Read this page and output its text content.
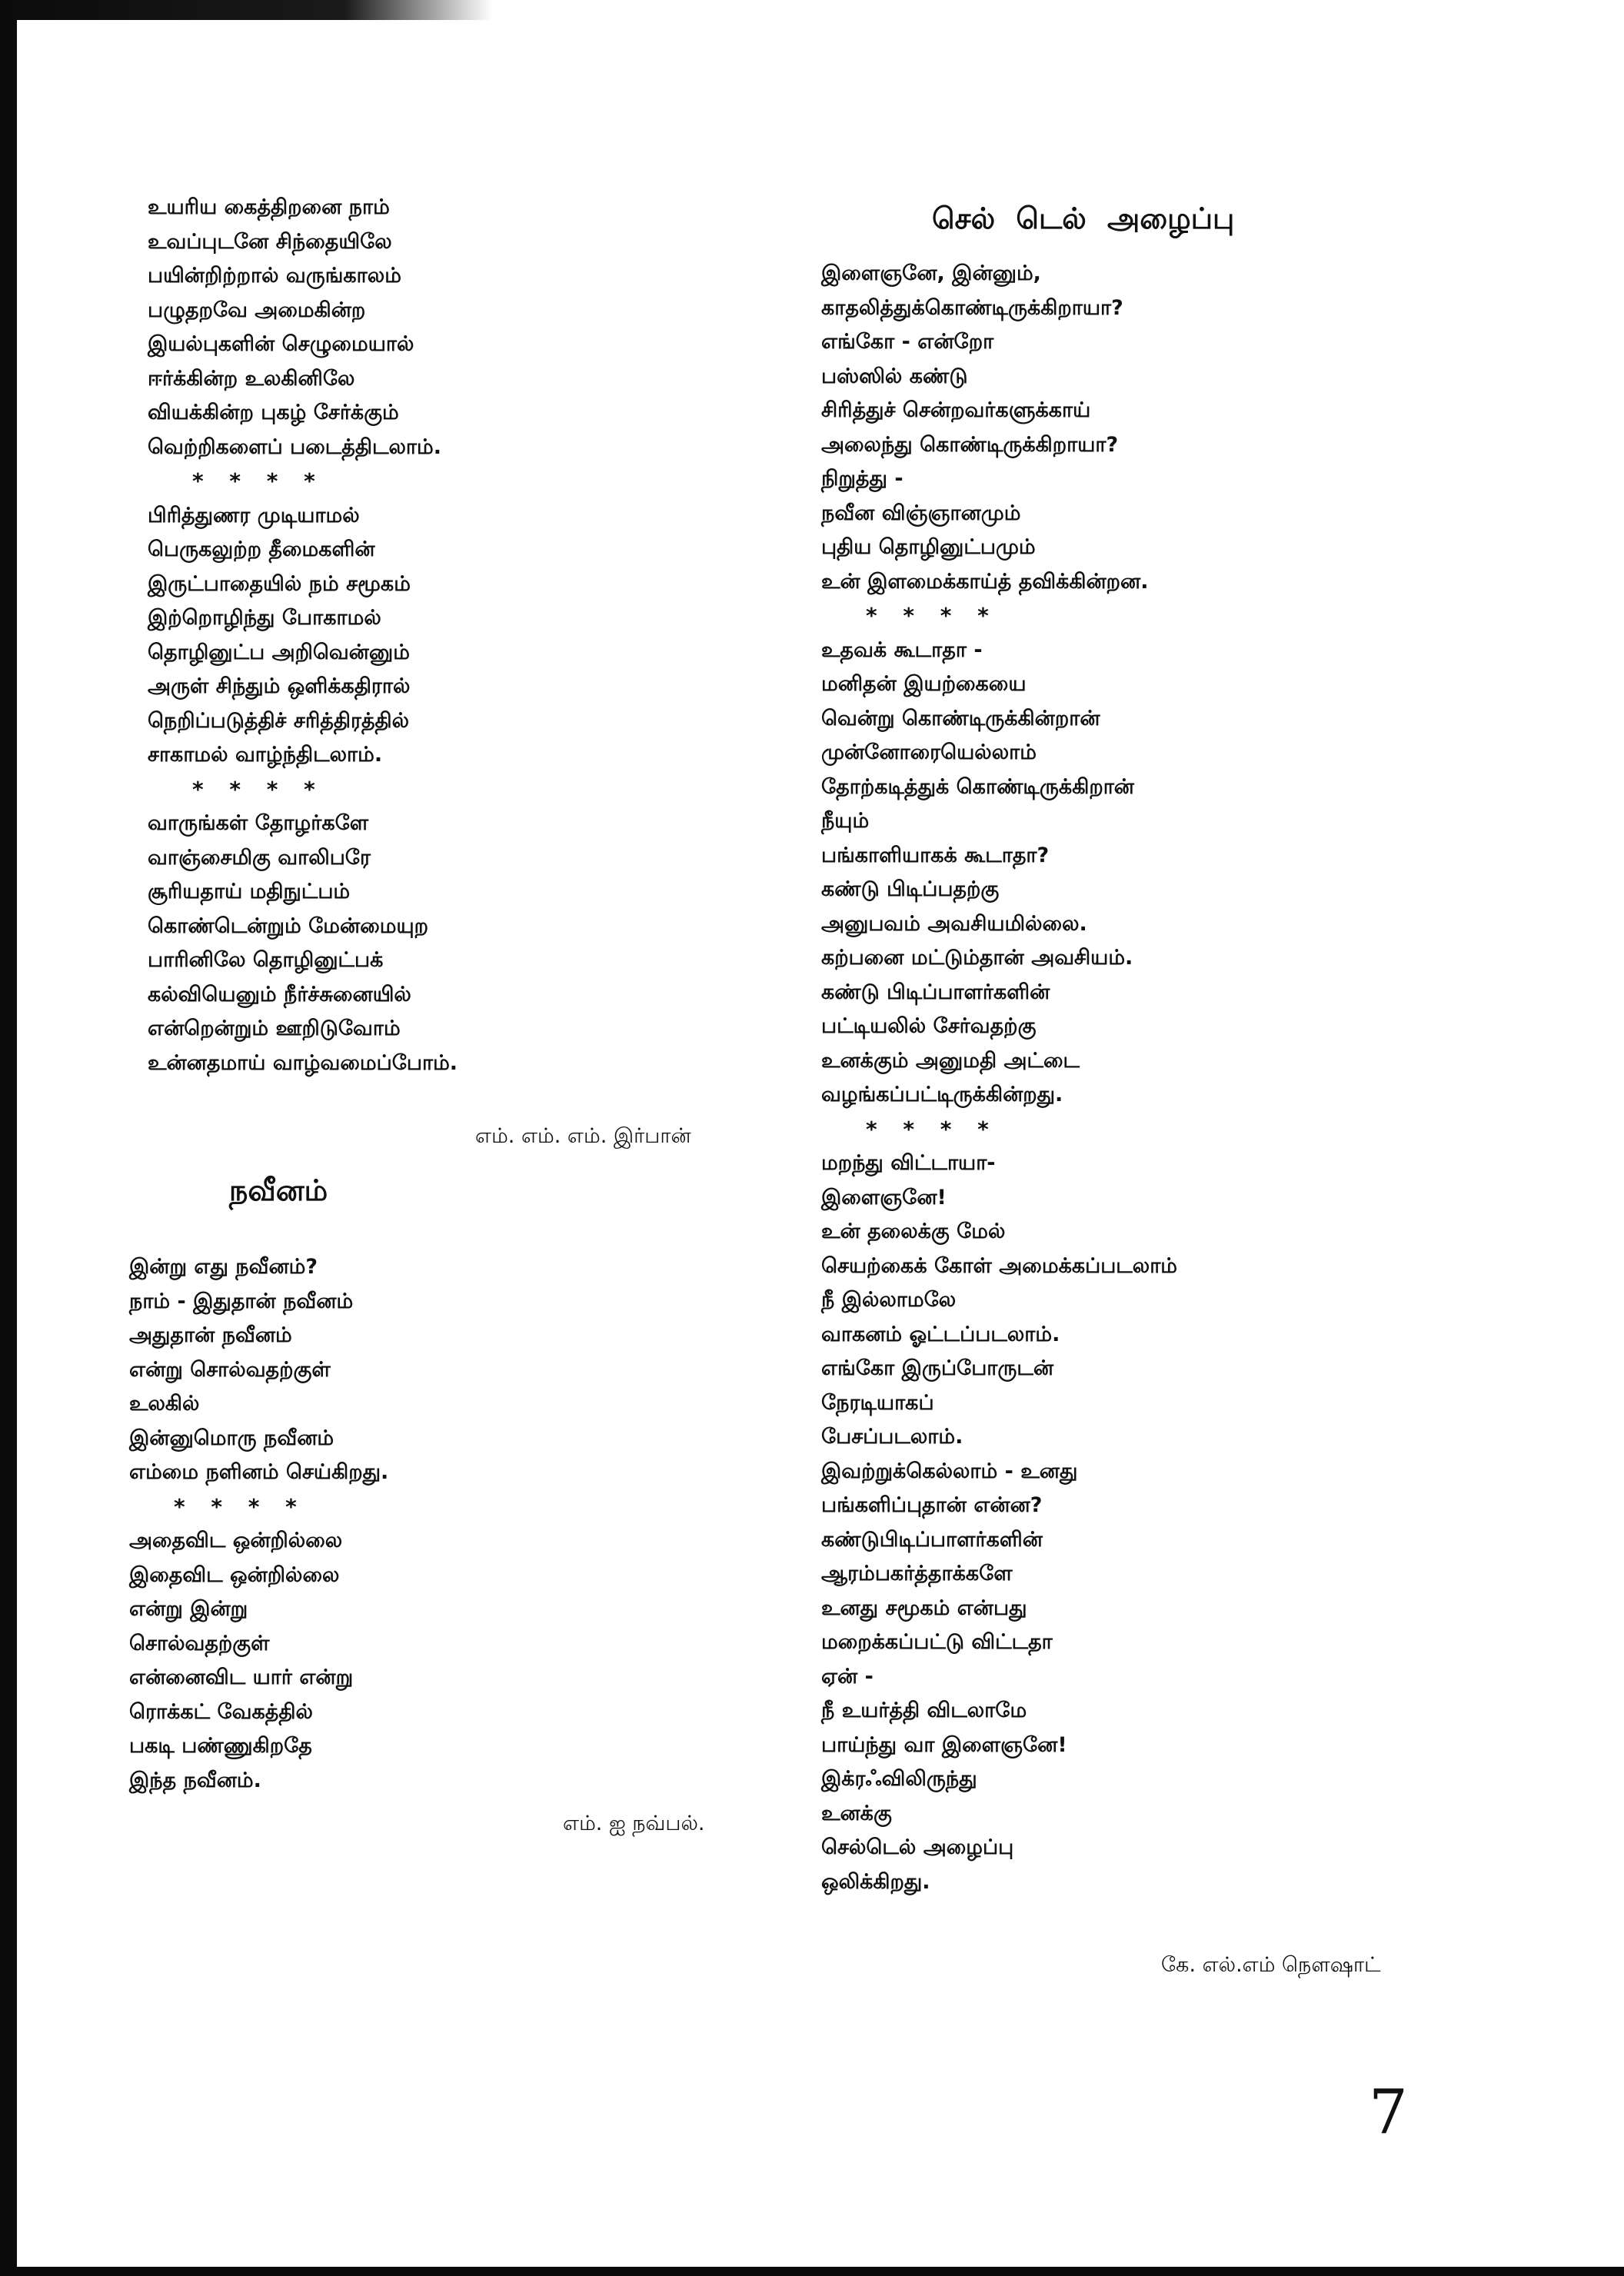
உயரிய கைத்திறனை நாம்
உவப்புடனே சிந்தையிலே
பயின்றிற்றால் வருங்காலம்
பழுதறவே அமைகின்ற
இயல்புகளின் செழுமையால்
ஈர்க்கின்ற உலகினிலே
வியக்கின்ற புகழ் சேர்க்கும்
வெற்றிகளைப் படைத்திடலாம்.
* * * *
பிரித்துணர முடியாமல்
பெருகலுற்ற தீமைகளின்
இருட்பாதையில் நம் சமூகம்
இற்றொழிந்து போகாமல்
தொழினுட்ப அறிவென்னும்
அருள் சிந்தும் ஒளிக்கதிரால்
நெறிப்படுத்திச் சரித்திரத்தில்
சாகாமல் வாழ்ந்திடலாம்.
* * * *
வாருங்கள் தோழர்களே
வாஞ்சைமிகு வாலிபரே
சூரியதாய் மதிநுட்பம்
கொண்டென்றும் மேன்மையுற
பாரினிலே தொழினுட்பக்
கல்வியெனும் நீர்ச்சுனையில்
என்றென்றும் ஊறிடுவோம்
உன்னதமாய் வாழ்வமைப்போம்.
எம். எம். எம். இர்பான்
நவீனம்
இன்று எது நவீனம்?
நாம் - இதுதான் நவீனம்
அதுதான் நவீனம்
என்று சொல்வதற்குள்
உலகில்
இன்னுமொரு நவீனம்
எம்மை நளினம் செய்கிறது.
* * * *
அதைவிட ஒன்றில்லை
இதைவிட ஒன்றில்லை
என்று இன்று
சொல்வதற்குள்
என்னைவிட யார் என்று
ரொக்கட் வேகத்தில்
பகடி பண்ணுகிறதே
இந்த நவீனம்.
எம். ஐ நவ்பல்.
செல் டெல் அழைப்பு
இளைஞனே, இன்னும்,
காதலித்துக்கொண்டிருக்கிறாயா?
எங்கோ - என்றோ
பஸ்ஸில் கண்டு
சிரித்துச் சென்றவர்களுக்காய்
அலைந்து கொண்டிருக்கிறாயா?
நிறுத்து -
நவீன விஞ்ஞானமும்
புதிய தொழினுட்பமும்
உன் இளமைக்காய்த் தவிக்கின்றன.
* * * *
உதவக் கூடாதா -
மனிதன் இயற்கையை
வென்று கொண்டிருக்கின்றான்
முன்னோரையெல்லாம்
தோற்கடித்துக் கொண்டிருக்கிறான்
நீயும்
பங்காளியாகக் கூடாதா?
கண்டு பிடிப்பதற்கு
அனுபவம் அவசியமில்லை.
கற்பனை மட்டும்தான் அவசியம்.
கண்டு பிடிப்பாளர்களின்
பட்டியலில் சேர்வதற்கு
உனக்கும் அனுமதி அட்டை
வழங்கப்பட்டிருக்கின்றது.
* * * *
மறந்து விட்டாயா-
இளைஞனே!
உன் தலைக்கு மேல்
செயற்கைக் கோள் அமைக்கப்படலாம்
நீ இல்லாமலே
வாகனம் ஓட்டப்படலாம்.
எங்கோ இருப்போருடன்
நேரடியாகப்
பேசப்படலாம்.
இவற்றுக்கெல்லாம் - உனது
பங்களிப்புதான் என்ன?
கண்டுபிடிப்பாளர்களின்
ஆரம்பகர்த்தாக்களே
உனது சமூகம் என்பது
மறைக்கப்பட்டு விட்டதா
ஏன் -
நீ உயர்த்தி விடலாமே
பாய்ந்து வா இளைஞனே!
இக்ரஃவிலிருந்து
உனக்கு
செல்டெல் அழைப்பு
ஒலிக்கிறது.
கே. எல்.எம் நௌஷாட்
7
